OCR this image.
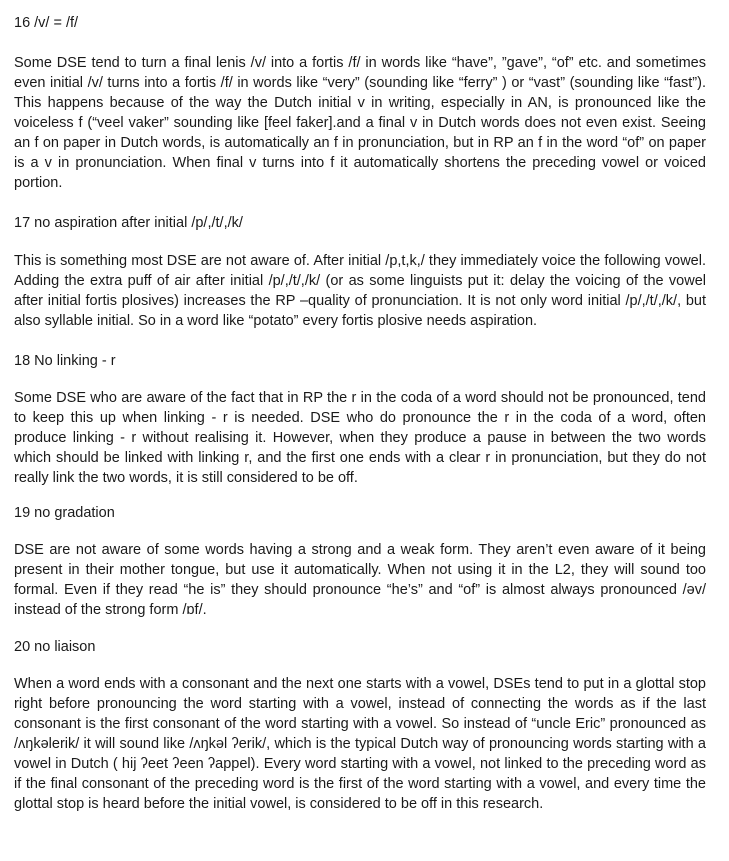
16 /v/ = /f/

Some DSE tend to turn a final lenis /v/ into a fortis /f/ in words like “have”, ”gave”, “of” etc. and sometimes even initial /v/ turns into a fortis /f/ in words like “very” (sounding like “ferry” ) or “vast” (sounding like “fast”). This happens because of the way the Dutch initial v in writing, especially in AN, is pronounced like the voiceless f (“veel vaker” sounding like [feel faker].and a final v in Dutch words does not even exist. Seeing an f on paper in Dutch words, is automatically an f in pronunciation, but in RP an f in the word “of” on paper is a v in pronunciation. When final v turns into f it automatically shortens the preceding vowel or voiced portion.

17 no aspiration after initial /p/,/t/,/k/

This is something most DSE are not aware of. After initial /p,t,k,/ they immediately voice the following vowel. Adding the extra puff of air after initial /p/,/t/,/k/ (or as some linguists put it: delay the voicing of the vowel after initial fortis plosives) increases the RP –quality of pronunciation. It is not only word initial /p/,/t/,/k/, but also syllable initial. So in a word like “potato” every fortis plosive needs aspiration.

18 No linking - r

Some DSE who are aware of the fact that in RP the r in the coda of a word should not be pronounced, tend to keep this up when linking - r is needed. DSE who do pronounce the r in the coda of a word, often produce linking - r without realising it. However, when they produce a pause in between the two words which should be linked with linking r, and the first one ends with a clear r in pronunciation, but they do not really link the two words, it is still considered to be off.

19 no gradation

DSE are not aware of some words having a strong and a weak form. They aren’t even aware of it being present in their mother tongue, but use it automatically. When not using it in the L2, they will sound too formal. Even if they read “he is” they should pronounce “he’s” and “of” is almost always pronounced /əv/ instead of the strong form /ɒf/.

20 no liaison

When a word ends with a consonant and the next one starts with a vowel, DSEs tend to put in a glottal stop right before pronouncing the word starting with a vowel, instead of connecting the words as if the last consonant is the first consonant of the word starting with a vowel. So instead of “uncle Eric” pronounced as /ʌŋkəlerik/ it will sound like /ʌŋkəl ʔerik/, which is the typical Dutch way of pronouncing words starting with a vowel in Dutch ( hij ʔeet ʔeen ʔappel). Every word starting with a vowel, not linked to the preceding word as if the final consonant of the preceding word is the first of the word starting with a vowel, and every time the glottal stop is heard before the initial vowel, is considered to be off in this research.
